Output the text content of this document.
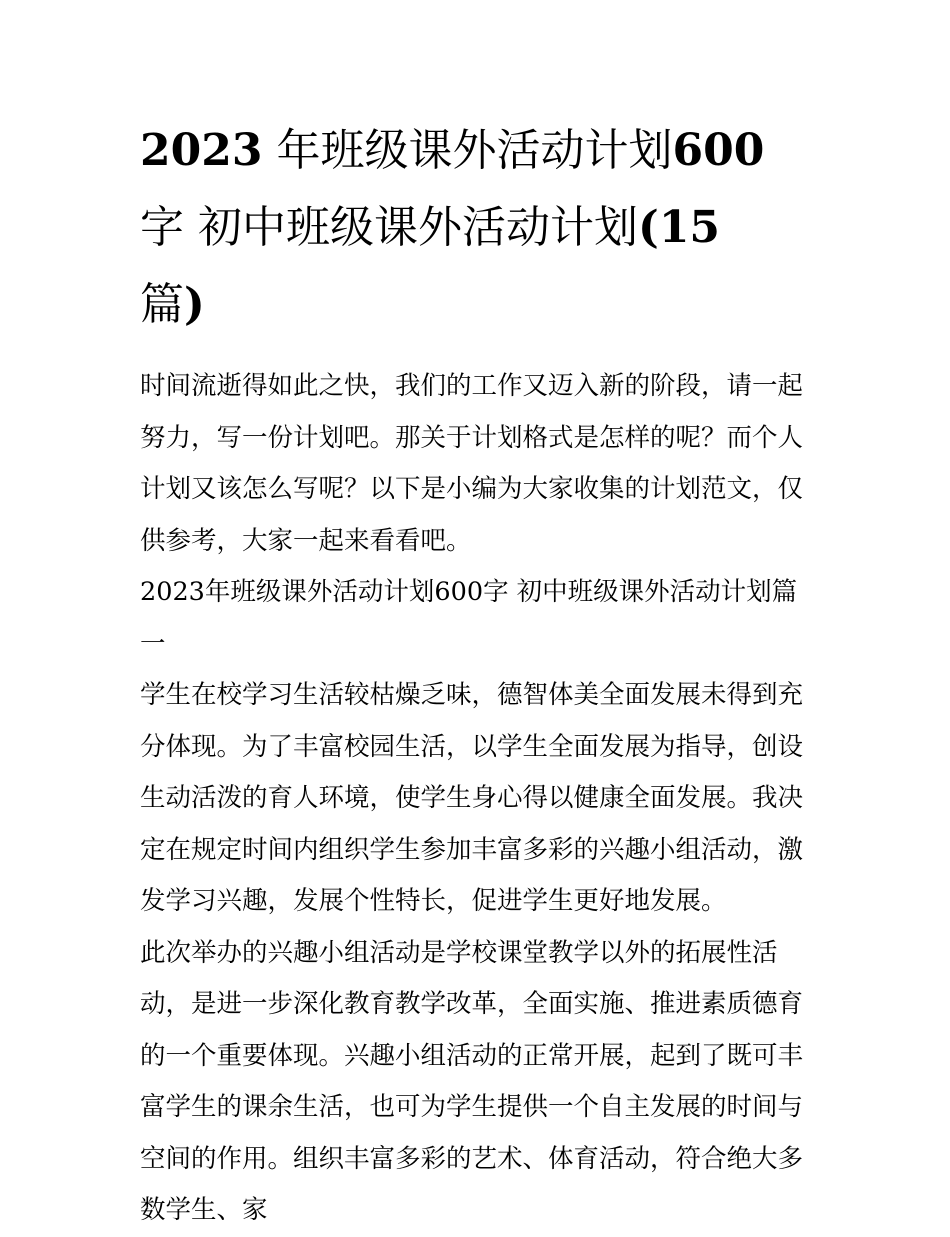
2023 年班级课外活动计划600
字 初中班级课外活动计划(15
篇)

时间流逝得如此之快，我们的工作又迈入新的阶段，请一起努力，写一份计划吧。那关于计划格式是怎样的呢？而个人计划又该怎么写呢？以下是小编为大家收集的计划范文，仅供参考，大家一起来看看吧。

2023年班级课外活动计划600字 初中班级课外活动计划篇一

学生在校学习生活较枯燥乏味，德智体美全面发展未得到充分体现。为了丰富校园生活，以学生全面发展为指导，创设生动活泼的育人环境，使学生身心得以健康全面发展。我决定在规定时间内组织学生参加丰富多彩的兴趣小组活动，激发学习兴趣，发展个性特长，促进学生更好地发展。

此次举办的兴趣小组活动是学校课堂教学以外的拓展性活动，是进一步深化教育教学改革，全面实施、推进素质德育的一个重要体现。兴趣小组活动的正常开展，起到了既可丰富学生的课余生活，也可为学生提供一个自主发展的时间与空间的作用。组织丰富多彩的艺术、体育活动，符合绝大多数学生、家
